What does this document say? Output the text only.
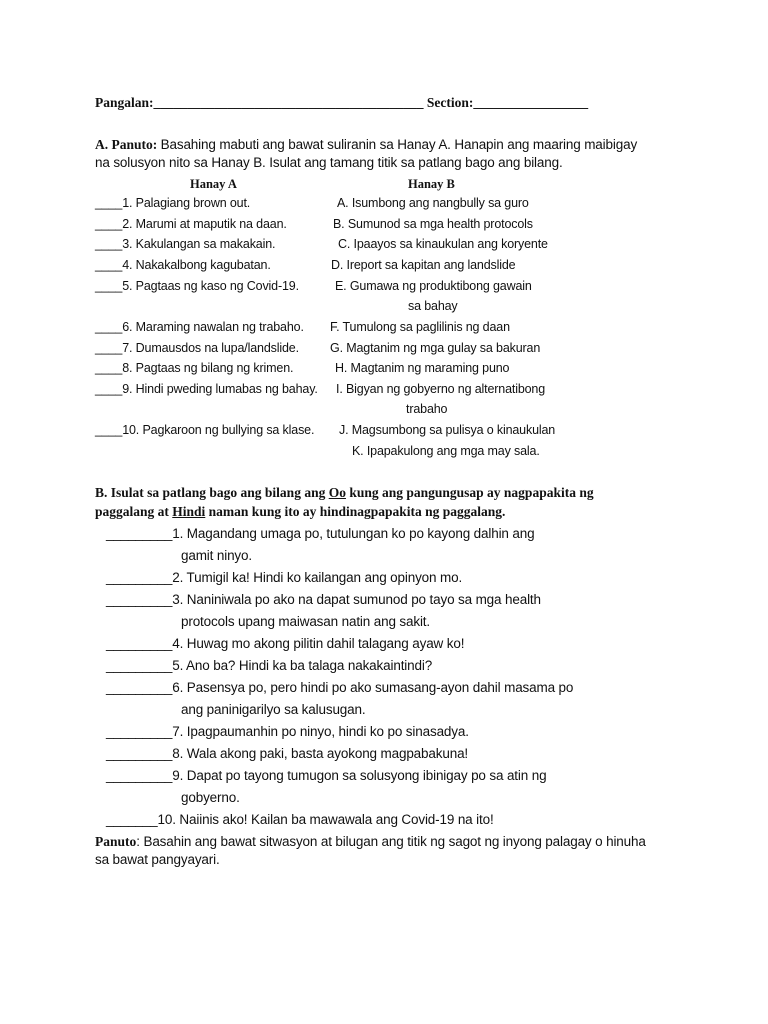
Pangalan:________________________________________ Section:_________________
A. Panuto: Basahing mabuti ang bawat suliranin sa Hanay A. Hanapin ang maaring maibigay
na solusyon nito sa Hanay B. Isulat ang tamang titik sa patlang bago ang bilang.
Hanay A	Hanay B
____1. Palagiang brown out.
____2. Marumi at maputik na daan.
____3. Kakulangan sa makakain.
____4. Nakakalbong kagubatan.
____5. Pagtaas ng kaso ng Covid-19.
____6. Maraming nawalan ng trabaho.
____7. Dumausdos na lupa/landslide.
____8. Pagtaas ng bilang ng krimen.
____9. Hindi pweding lumabas ng bahay.
____10. Pagkaroon ng bullying sa klase.
A. Isumbong ang nangbully sa guro
B. Sumunod sa mga health protocols
C. Ipaayos sa kinaukulan ang koryente
D. Ireport sa kapitan ang landslide
E. Gumawa ng produktibong gawain
sa bahay
F. Tumulong sa paglilinis ng daan
G. Magtanim ng mga gulay sa bakuran
H. Magtanim ng maraming puno
I. Bigyan ng gobyerno ng alternatibong
trabaho
J. Magsumbong sa pulisya o kinaukulan
K. Ipapakulong ang mga may sala.
B. Isulat sa patlang bago ang bilang ang Oo kung ang pangungusap ay nagpapakita ng
paggalang at Hindi naman kung ito ay hindinagpapakita ng paggalang.
_________1. Magandang umaga po, tutulungan ko po kayong dalhin ang
gamit ninyo.
_________2. Tumigil ka! Hindi ko kailangan ang opinyon mo.
_________3. Naniniwala po ako na dapat sumunod po tayo sa mga health
protocols upang maiwasan natin ang sakit.
_________4. Huwag mo akong pilitin dahil talagang ayaw ko!
_________5. Ano ba? Hindi ka ba talaga nakakaintindi?
_________6. Pasensya po, pero hindi po ako sumasang-ayon dahil masama po
ang paninigarilyo sa kalusugan.
_________7. Ipagpaumanhin po ninyo, hindi ko po sinasadya.
_________8. Wala akong paki, basta ayokong magpabakuna!
_________9. Dapat po tayong tumugon sa solusyong ibinigay po sa atin ng
gobyerno.
_______10. Naiinis ako! Kailan ba mawawala ang Covid-19 na ito!
Panuto: Basahin ang bawat sitwasyon at bilugan ang titik ng sagot ng inyong palagay o hinuha
sa bawat pangyayari.
